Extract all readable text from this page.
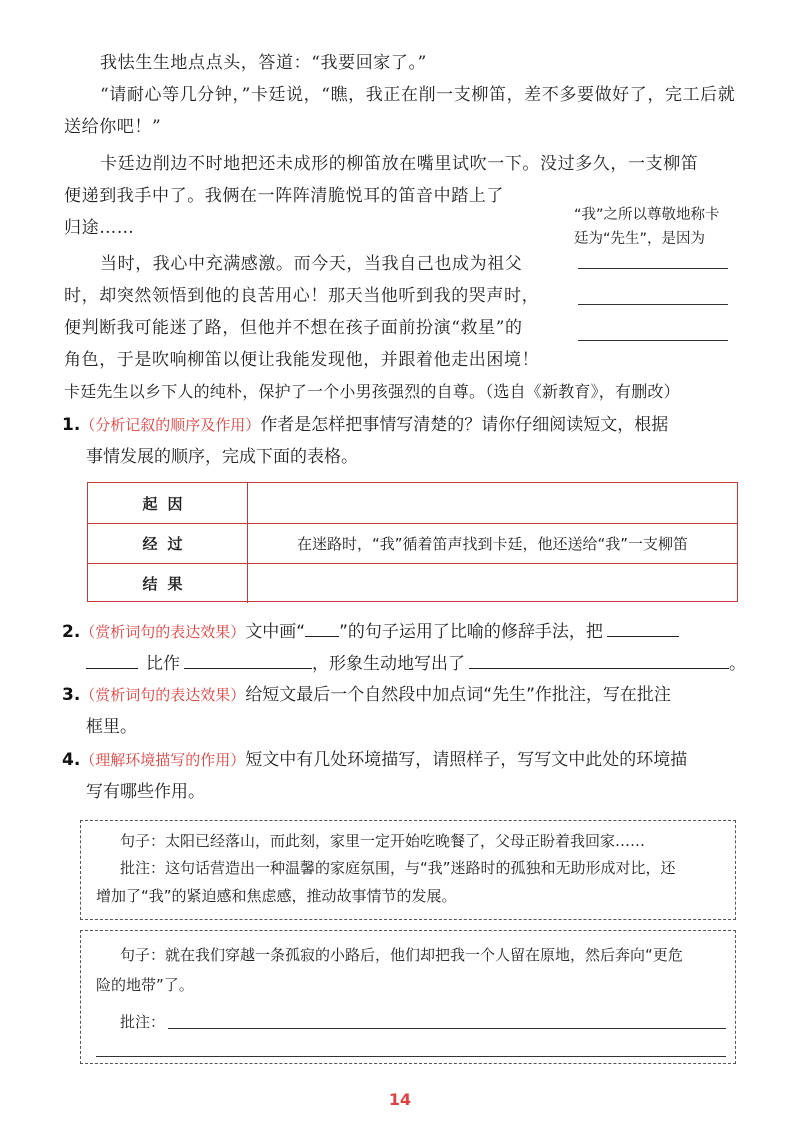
我怯生生地点点头，答道：“我要回家了。”
“请耐心等几分钟，”卡廷说，“瞧，我正在削一支柳笛，差不多要做好了，完工后就
送给你吧！”
卡廷边削边不时地把还未成形的柳笛放在嘴里试吹一下。没过多久，一支柳笛
便递到我手中了。我俩在一阵阵清脆悦耳的笛音中踏上了
归途……
当时，我心中充满感激。而今天，当我自己也成为祖父
时，却突然领悟到他的良苦用心！那天当他听到我的哭声时，
便判断我可能迷了路，但他并不想在孩子面前扮演“救星”的
角色，于是吹响柳笛以便让我能发现他，并跟着他走出困境！
卡廷先生以乡下人的纯朴，保护了一个小男孩强烈的自尊。（选自《新教育》，有删改）
“我”之所以尊敬地称卡
廷为“先生”，是因为
1.（分析记叙的顺序及作用）作者是怎样把事情写清楚的？请你仔细阅读短文，根据
事情发展的顺序，完成下面的表格。
起因
经过	在迷路时，“我”循着笛声找到卡廷，他还送给“我”一支柳笛
结果
2.（赏析词句的表达效果）文中画“ ”的句子运用了比喻的修辞手法，把
比作	，形象生动地写出了	。
3.（赏析词句的表达效果）给短文最后一个自然段中加点词“先生”作批注，写在批注
框里。
4.（理解环境描写的作用）短文中有几处环境描写，请照样子，写写文中此处的环境描
写有哪些作用。
句子：太阳已经落山，而此刻，家里一定开始吃晚餐了，父母正盼着我回家……
批注：这句话营造出一种温馨的家庭氛围，与“我”迷路时的孤独和无助形成对比，还
增加了“我”的紧迫感和焦虑感，推动故事情节的发展。
句子：就在我们穿越一条孤寂的小路后，他们却把我一个人留在原地，然后奔向“更危
险的地带”了。
批注：
14
